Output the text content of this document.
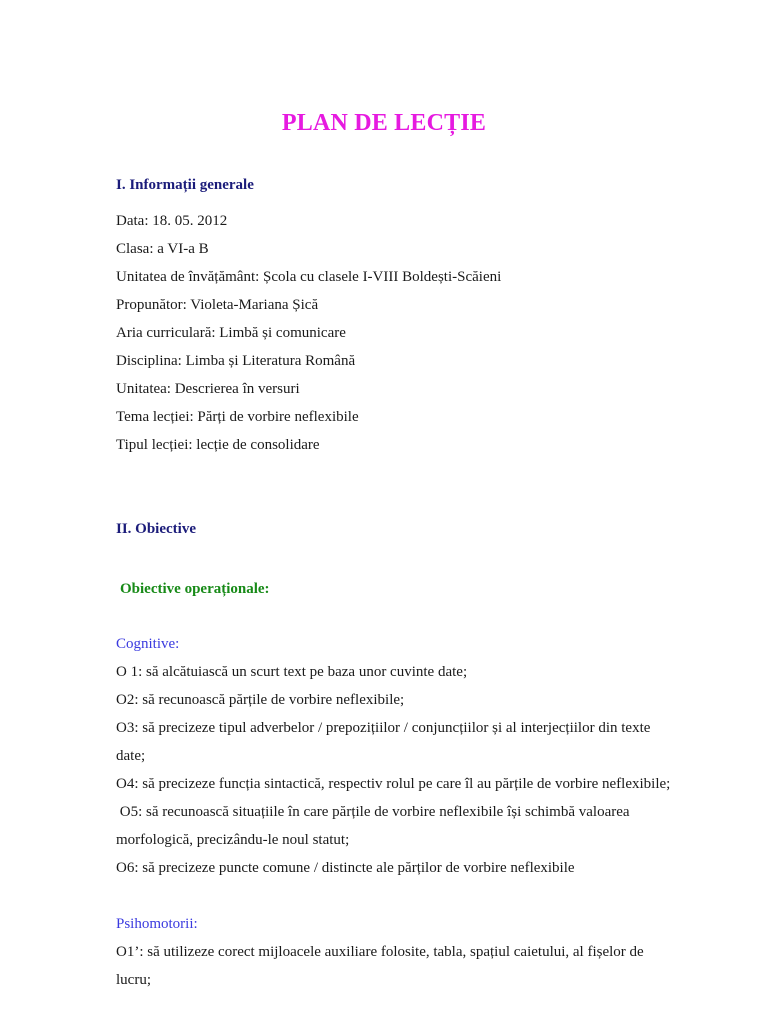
PLAN DE LECȚIE
I. Informații generale
Data: 18. 05. 2012
Clasa: a VI-a B
Unitatea de învățământ: Școla cu clasele I-VIII Boldești-Scăieni
Propunător: Violeta-Mariana Șică
Aria curriculară: Limbă și comunicare
Disciplina: Limba și Literatura Română
Unitatea: Descrierea în versuri
Tema lecției: Părți de vorbire neflexibile
Tipul lecției: lecție de consolidare
II. Obiective
Obiective operaționale:
Cognitive:
O 1: să alcătuiască un scurt text pe baza unor cuvinte date;
O2: să recunoască părțile de vorbire neflexibile;
O3: să precizeze tipul adverbelor / prepozițiilor / conjuncțiilor și al interjecțiilor din texte
date;
O4: să precizeze funcția sintactică, respectiv rolul pe care îl au părțile de vorbire neflexibile;
O5: să recunoască situațiile în care părțile de vorbire neflexibile își schimbă valoarea
morfologică, precizându-le noul statut;
O6: să precizeze puncte comune / distincte ale părților de vorbire neflexibile
Psihomotorii:
O1’: să utilizeze corect mijloacele auxiliare folosite, tabla, spațiul caietului, al fișelor de
lucru;
